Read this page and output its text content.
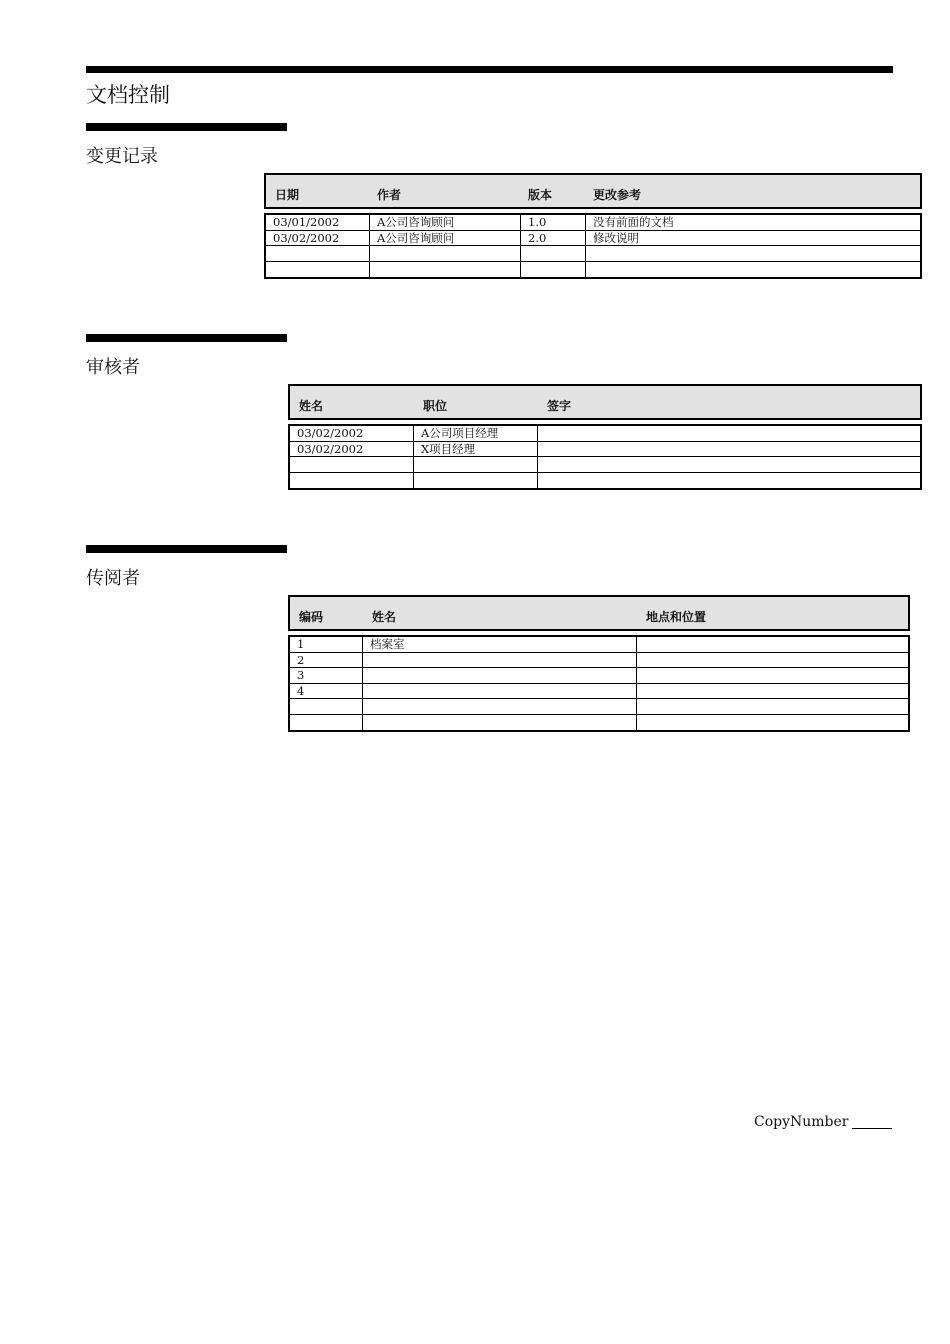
文档控制
变更记录
日期	作者	版本	更改参考
03/01/2002	A公司咨询顾问	1.0	没有前面的文档
03/02/2002	A公司咨询顾问	2.0	修改说明
审核者
姓名	职位	签字
03/02/2002	A公司项目经理
03/02/2002	X项目经理
传阅者
编码	姓名	地点和位置
1	档案室
2
3
4
CopyNumber
